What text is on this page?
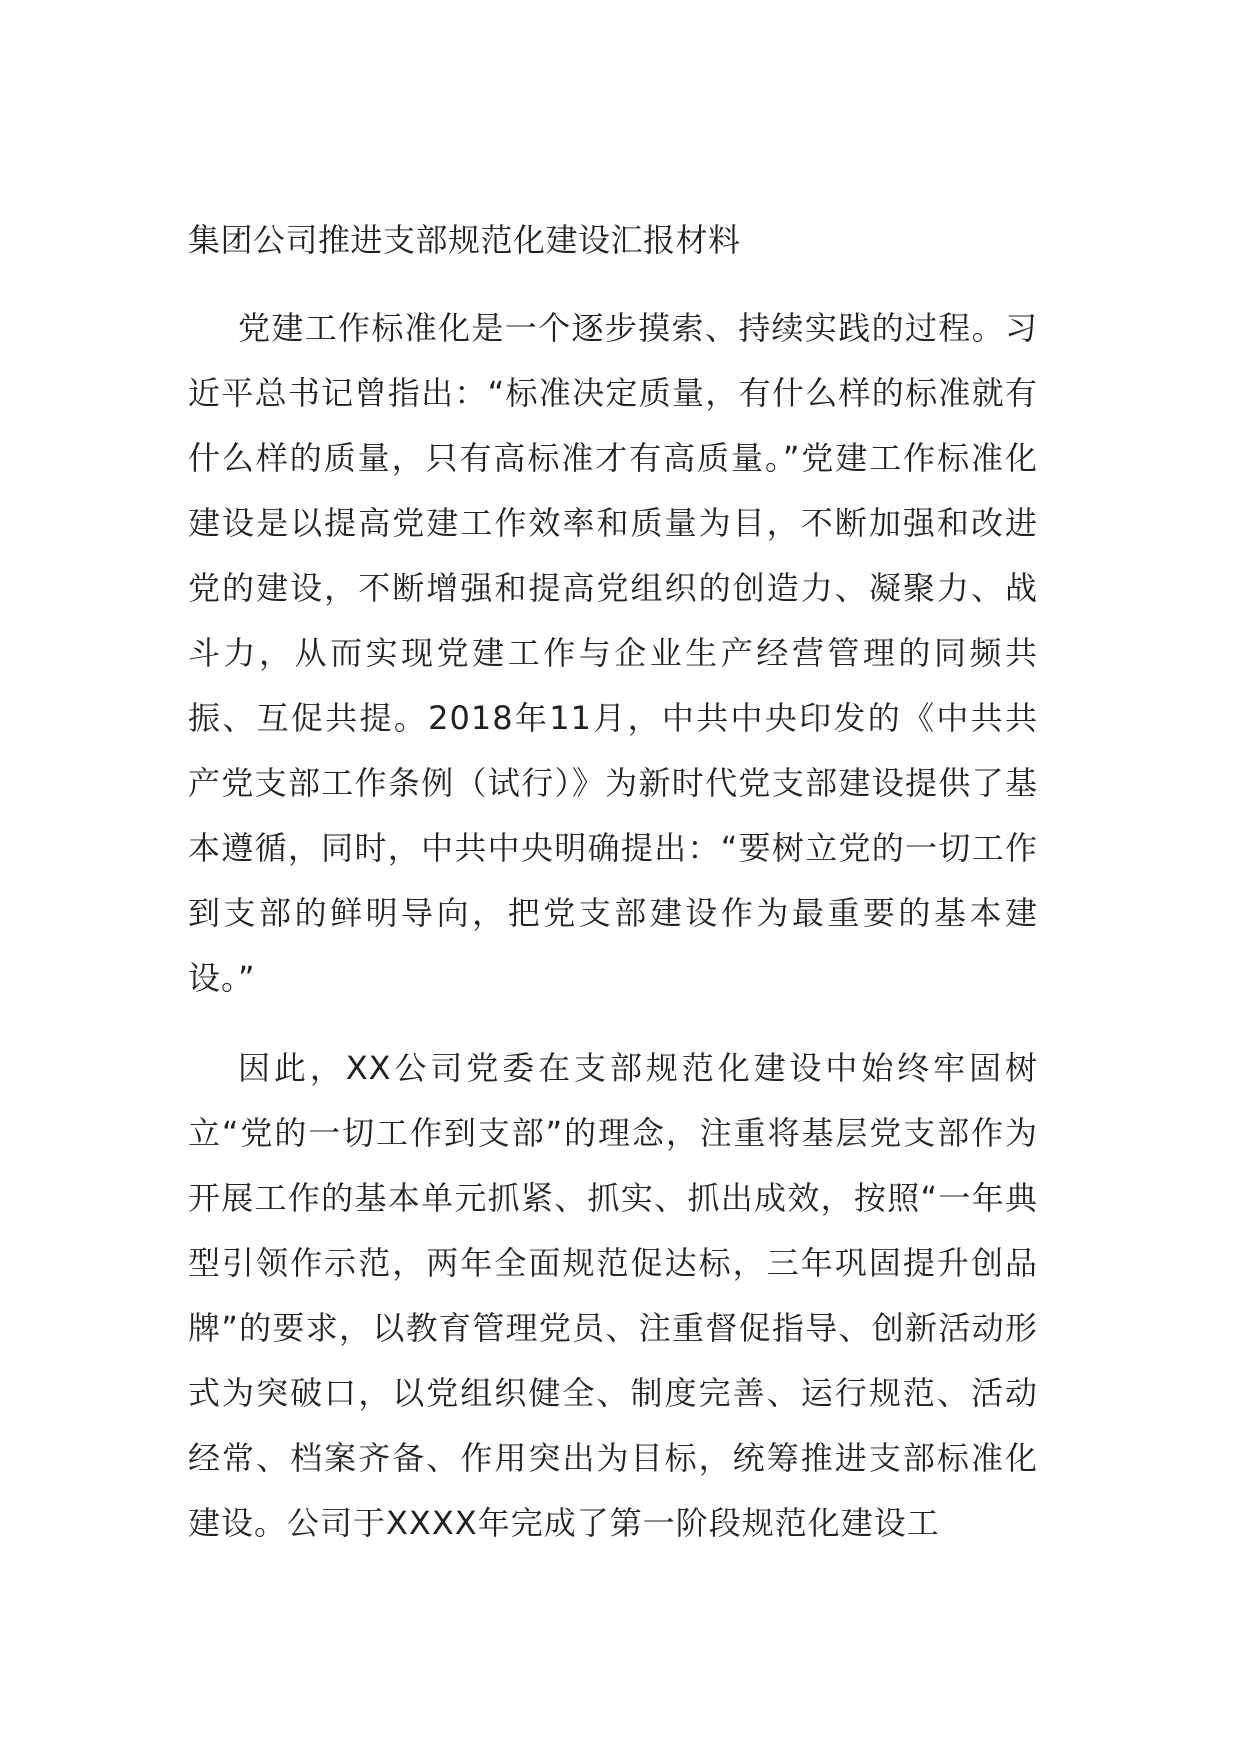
集团公司推进支部规范化建设汇报材料

党建工作标准化是一个逐步摸索、持续实践的过程。习近平总书记曾指出：“标准决定质量，有什么样的标准就有什么样的质量，只有高标准才有高质量。”党建工作标准化建设是以提高党建工作效率和质量为目，不断加强和改进党的建设，不断增强和提高党组织的创造力、凝聚力、战斗力，从而实现党建工作与企业生产经营管理的同频共振、互促共提。2018年11月，中共中央印发的《中共共产党支部工作条例（试行）》为新时代党支部建设提供了基本遵循，同时，中共中央明确提出：“要树立党的一切工作到支部的鲜明导向，把党支部建设作为最重要的基本建设。”

因此，XX公司党委在支部规范化建设中始终牢固树立“党的一切工作到支部”的理念，注重将基层党支部作为开展工作的基本单元抓紧、抓实、抓出成效，按照“一年典型引领作示范，两年全面规范促达标，三年巩固提升创品牌”的要求，以教育管理党员、注重督促指导、创新活动形式为突破口，以党组织健全、制度完善、运行规范、活动经常、档案齐备、作用突出为目标，统筹推进支部标准化建设。公司于XXXX年完成了第一阶段规范化建设工
